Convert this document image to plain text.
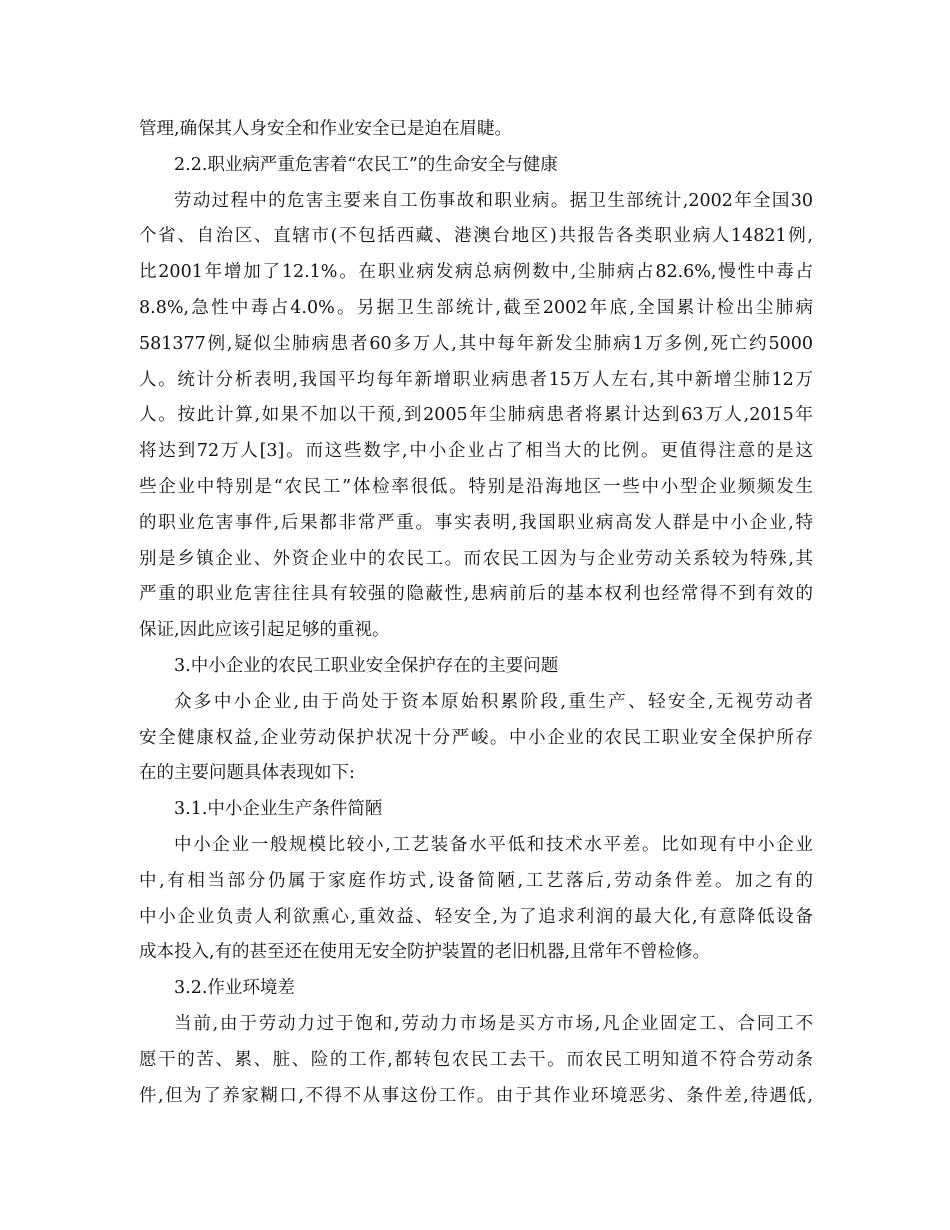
管理,确保其人身安全和作业安全已是迫在眉睫。
2.2.职业病严重危害着“农民工”的生命安全与健康
劳动过程中的危害主要来自工伤事故和职业病。据卫生部统计,2002年全国30
个省、自治区、直辖市(不包括西藏、港澳台地区)共报告各类职业病人14821例,
比2001年增加了12.1%。在职业病发病总病例数中,尘肺病占82.6%,慢性中毒占
8.8%,急性中毒占4.0%。另据卫生部统计,截至2002年底,全国累计检出尘肺病
581377例,疑似尘肺病患者60多万人,其中每年新发尘肺病1万多例,死亡约5000
人。统计分析表明,我国平均每年新增职业病患者15万人左右,其中新增尘肺12万
人。按此计算,如果不加以干预,到2005年尘肺病患者将累计达到63万人,2015年
将达到72万人[3]。而这些数字,中小企业占了相当大的比例。更值得注意的是这
些企业中特别是“农民工”体检率很低。特别是沿海地区一些中小型企业频频发生
的职业危害事件,后果都非常严重。事实表明,我国职业病高发人群是中小企业,特
别是乡镇企业、外资企业中的农民工。而农民工因为与企业劳动关系较为特殊,其
严重的职业危害往往具有较强的隐蔽性,患病前后的基本权利也经常得不到有效的
保证,因此应该引起足够的重视。
3.中小企业的农民工职业安全保护存在的主要问题
众多中小企业,由于尚处于资本原始积累阶段,重生产、轻安全,无视劳动者
安全健康权益,企业劳动保护状况十分严峻。中小企业的农民工职业安全保护所存
在的主要问题具体表现如下:
3.1.中小企业生产条件简陋
中小企业一般规模比较小,工艺装备水平低和技术水平差。比如现有中小企业
中,有相当部分仍属于家庭作坊式,设备简陋,工艺落后,劳动条件差。加之有的
中小企业负责人利欲熏心,重效益、轻安全,为了追求利润的最大化,有意降低设备
成本投入,有的甚至还在使用无安全防护装置的老旧机器,且常年不曾检修。
3.2.作业环境差
当前,由于劳动力过于饱和,劳动力市场是买方市场,凡企业固定工、合同工不
愿干的苦、累、脏、险的工作,都转包农民工去干。而农民工明知道不符合劳动条
件,但为了养家糊口,不得不从事这份工作。由于其作业环境恶劣、条件差,待遇低,
